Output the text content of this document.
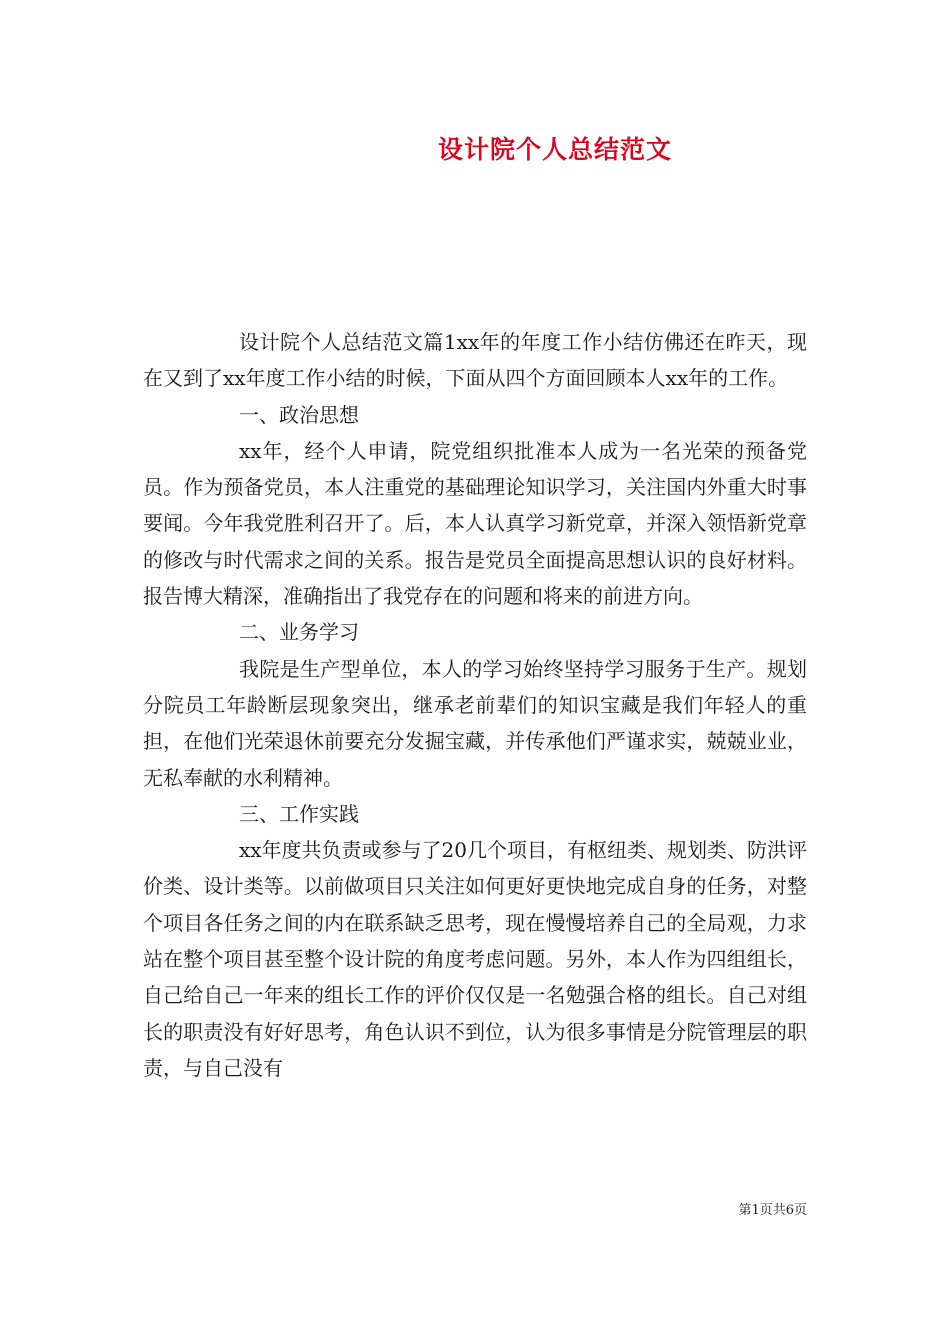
设计院个人总结范文

设计院个人总结范文篇1xx年的年度工作小结仿佛还在昨天，现在又到了xx年度工作小结的时候，下面从四个方面回顾本人xx年的工作。

一、政治思想

xx年，经个人申请，院党组织批准本人成为一名光荣的预备党员。作为预备党员，本人注重党的基础理论知识学习，关注国内外重大时事要闻。今年我党胜利召开了。后，本人认真学习新党章，并深入领悟新党章的修改与时代需求之间的关系。报告是党员全面提高思想认识的良好材料。报告博大精深，准确指出了我党存在的问题和将来的前进方向。

二、业务学习

我院是生产型单位，本人的学习始终坚持学习服务于生产。规划分院员工年龄断层现象突出，继承老前辈们的知识宝藏是我们年轻人的重担，在他们光荣退休前要充分发掘宝藏，并传承他们严谨求实，兢兢业业，无私奉献的水利精神。

三、工作实践

xx年度共负责或参与了20几个项目，有枢纽类、规划类、防洪评价类、设计类等。以前做项目只关注如何更好更快地完成自身的任务，对整个项目各任务之间的内在联系缺乏思考，现在慢慢培养自己的全局观，力求站在整个项目甚至整个设计院的角度考虑问题。另外，本人作为四组组长，自己给自己一年来的组长工作的评价仅仅是一名勉强合格的组长。自己对组长的职责没有好好思考，角色认识不到位，认为很多事情是分院管理层的职责，与自己没有

第1页共6页
